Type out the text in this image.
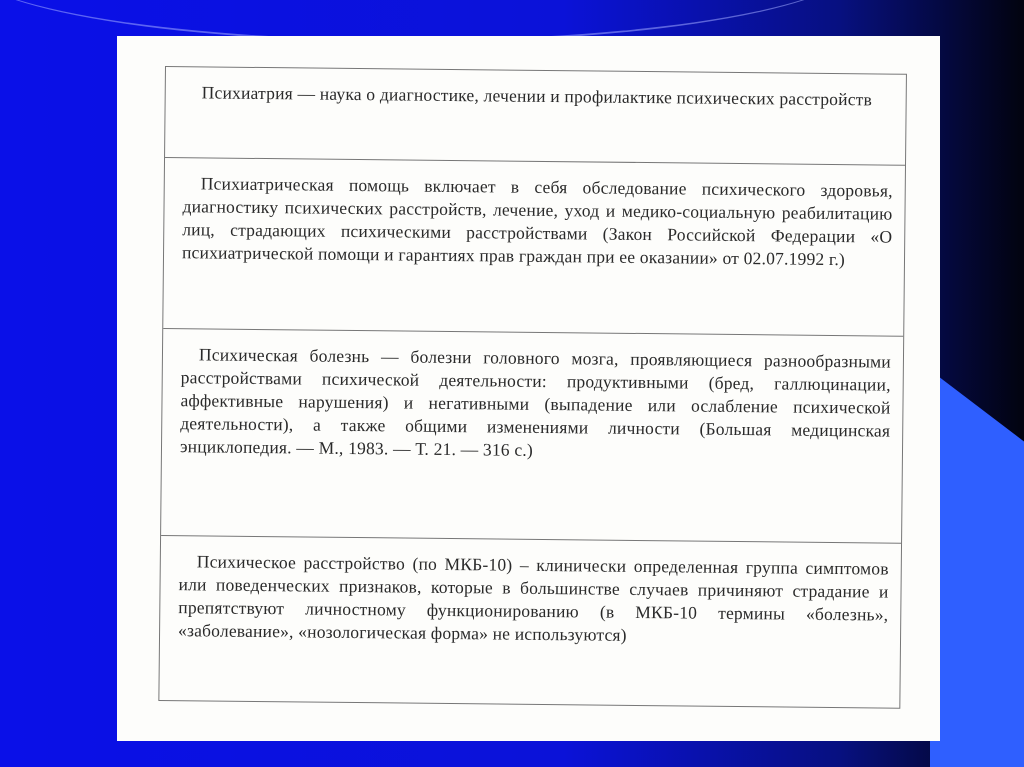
Психиатрия — наука о диагностике, лечении и профилактике психических расстройств
Психиатрическая помощь включает в себя обследование психического здоровья, диагностику психических расстройств, лечение, уход и медико-социальную реабилитацию лиц, страдающих психическими расстройствами (Закон Российской Федерации «О психиатрической помощи и гарантиях прав граждан при ее оказании» от 02.07.1992 г.)
Психическая болезнь — болезни головного мозга, проявляющиеся разнообразными расстройствами психической деятельности: продуктивными (бред, галлюцинации, аффективные нарушения) и негативными (выпадение или ослабление психической деятельности), а также общими изменениями личности (Большая медицинская энциклопедия. — М., 1983. — Т. 21. — 316 с.)
Психическое расстройство (по МКБ-10) – клинически определенная группа симптомов или поведенческих признаков, которые в большинстве случаев причиняют страдание и препятствуют личностному функционированию (в МКБ-10 термины «болезнь», «заболевание», «нозологическая форма» не используются)
